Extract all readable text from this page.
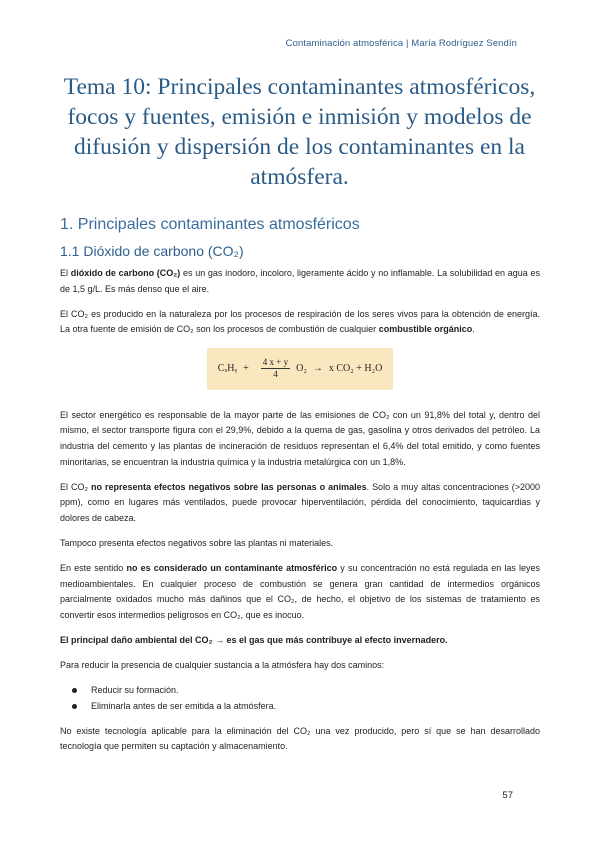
Contaminación atmosférica | María Rodríguez Sendín
Tema 10: Principales contaminantes atmosféricos, focos y fuentes, emisión e inmisión y modelos de difusión y dispersión de los contaminantes en la atmósfera.
1. Principales contaminantes atmosféricos
1.1 Dióxido de carbono (CO₂)

El dióxido de carbono (CO₂) es un gas inodoro, incoloro, ligeramente ácido y no inflamable. La solubilidad en agua es de 1,5 g/L. Es más denso que el aire.

El CO₂ es producido en la naturaleza por los procesos de respiración de los seres vivos para la obtención de energía. La otra fuente de emisión de CO₂ son los procesos de combustión de cualquier combustible orgánico.

CₓHᵧ + $\frac{4 x + y}{4} O_2 \to x$ CO₂ + H₂O

El sector energético es responsable de la mayor parte de las emisiones de CO₂ con un 91,8% del total y, dentro del mismo, el sector transporte figura con el 29,9%, debido a la quema de gas, gasolina y otros derivados del petróleo. La industria del cemento y las plantas de incineración de residuos representan el 6,4% del total emitido, y como fuentes minoritarias, se encuentran la industria química y la industria metalúrgica con un 1,8%.

El CO₂ no representa efectos negativos sobre las personas o animales. Solo a muy altas concentraciones (>2000 ppm), como en lugares más ventilados, puede provocar hiperventilación, pérdida del conocimiento, taquicardias y dolores de cabeza.

Tampoco presenta efectos negativos sobre las plantas ni materiales.

En este sentido no es considerado un contaminante atmosférico y su concentración no está regulada en las leyes medioambientales. En cualquier proceso de combustión se genera gran cantidad de intermedios orgánicos parcialmente oxidados mucho más dañinos que el CO₂, de hecho, el objetivo de los sistemas de tratamiento es convertir esos intermedios peligrosos en CO₂, que es inocuo.

El principal daño ambiental del CO₂ → es el gas que más contribuye al efecto invernadero.

Para reducir la presencia de cualquier sustancia a la atmósfera hay dos caminos:

Reducir su formación.
Eliminarla antes de ser emitida a la atmósfera.

No existe tecnología aplicable para la eliminación del CO₂ una vez producido, pero sí que se han desarrollado tecnología que permiten su captación y almacenamiento.

57
